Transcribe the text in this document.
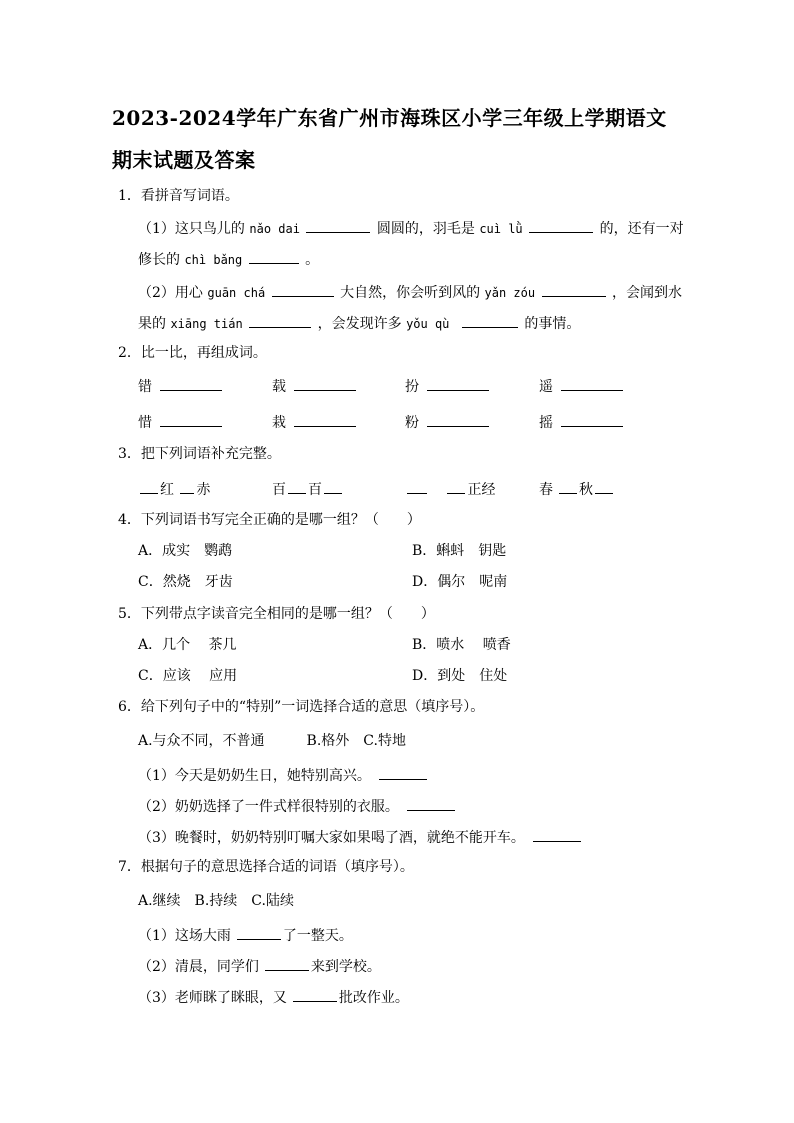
2023-2024学年广东省广州市海珠区小学三年级上学期语文
期末试题及答案
1．看拼音写词语。
（1）这只鸟儿的 nǎo dai	圆圆的，羽毛是 cuì lǜ	的，还有一对
修长的 chì bǎng	。
（2）用心 guān chá	大自然，你会听到风的 yǎn zóu	，会闻到水
果的 xiāng tián	，会发现许多 yǒu qù	的事情。
2．比一比，再组成词。
错	载	扮	遥
惜	栽	粉	摇
3．把下列词语补充完整。
红 赤	百 百	正经	春 秋
4．下列词语书写完全正确的是哪一组？（　　）
A．成实　鹦鹉	B．蝌蚪　钥匙
C．然烧　牙齿	D．偶尔　呢南
5．下列带点字读音完全相同的是哪一组？（　　）
A．几个　 茶几	B．喷水　 喷香
C．应该　 应用	D．到处　住处
6．给下列句子中的“特别”一词选择合适的意思（填序号）。
A.与众不同，不普通　　　B.格外　C.特地
（1）今天是奶奶生日，她特别高兴。
（2）奶奶选择了一件式样很特别的衣服。
（3）晚餐时，奶奶特别叮嘱大家如果喝了酒，就绝不能开车。
7．根据句子的意思选择合适的词语（填序号）。
A.继续　B.持续　C.陆续
（1）这场大雨	了一整天。
（2）清晨，同学们	来到学校。
（3）老师眯了眯眼，又	批改作业。
